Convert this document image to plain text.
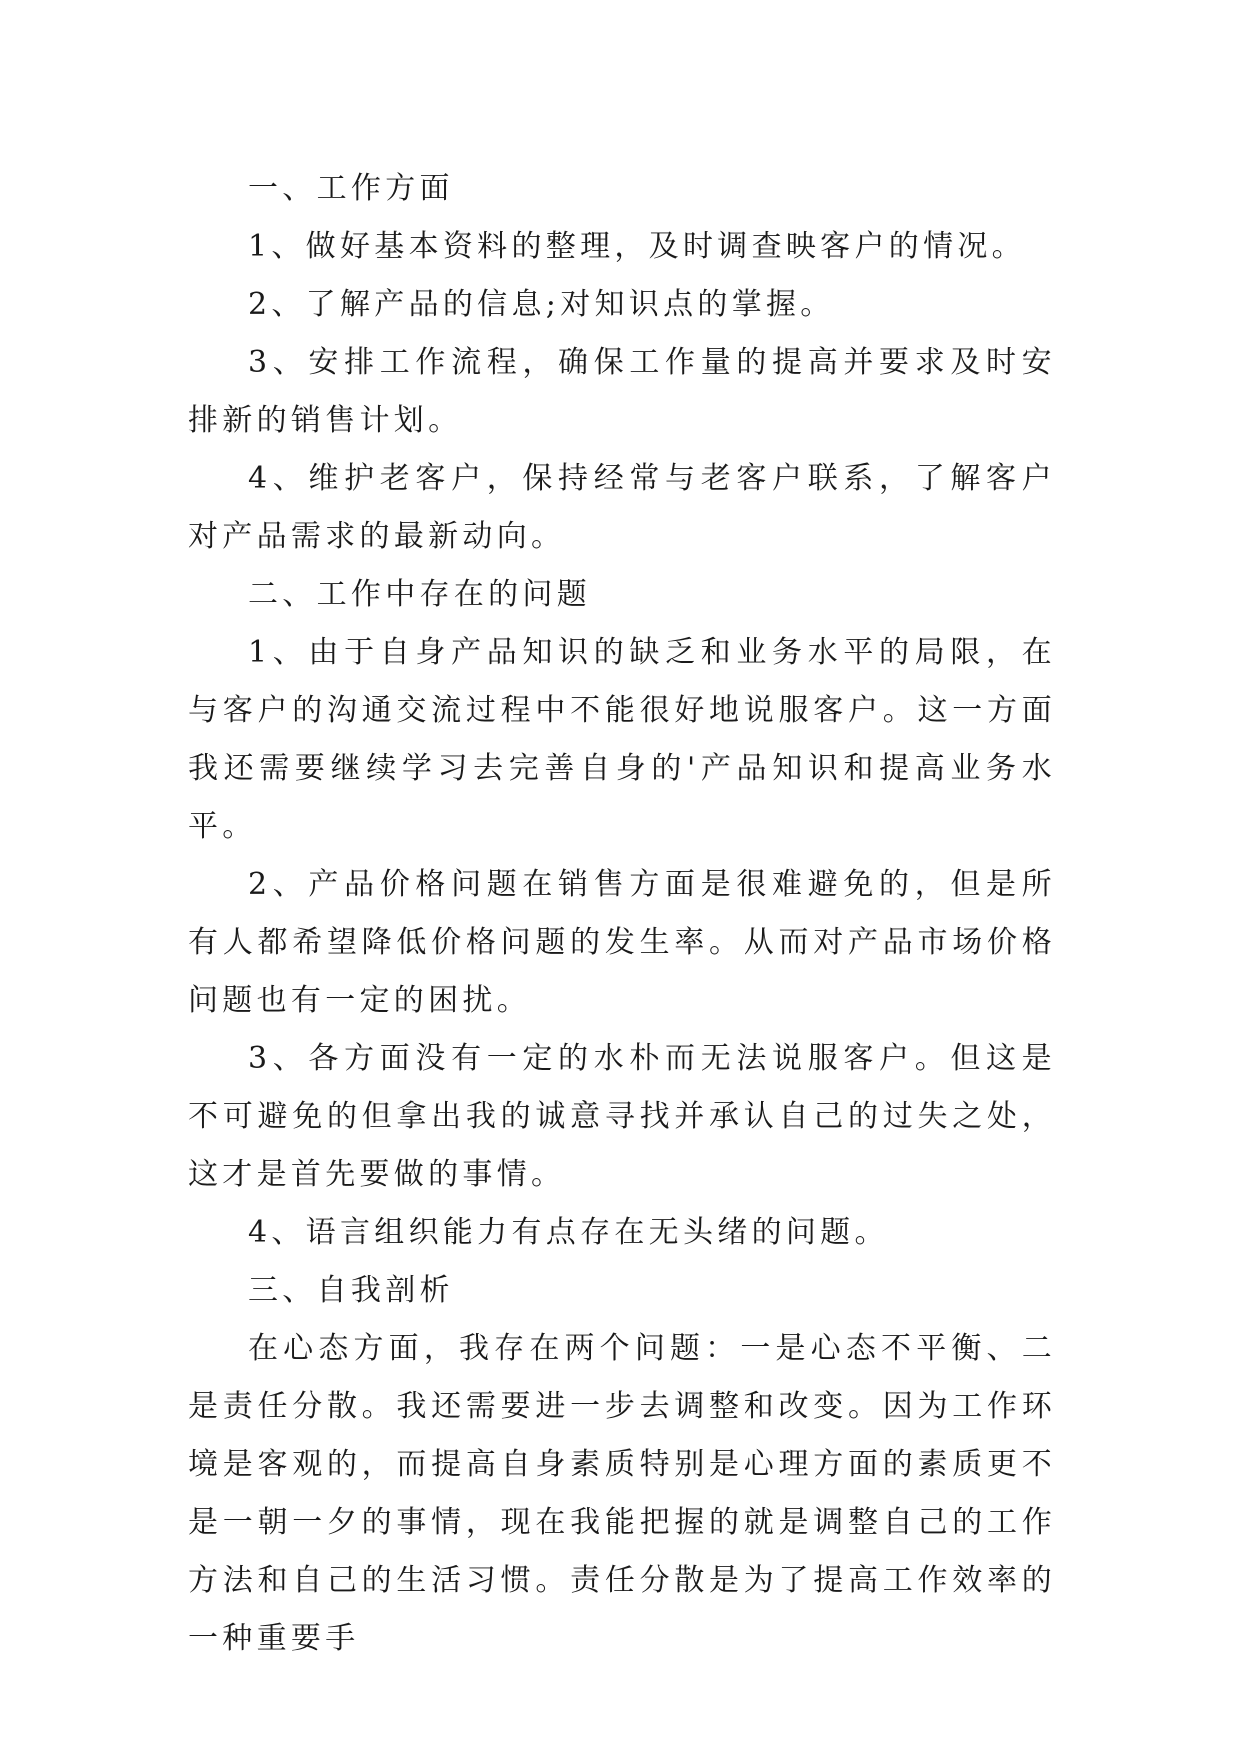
一、工作方面

1、做好基本资料的整理，及时调查映客户的情况。

2、了解产品的信息;对知识点的掌握。

3、安排工作流程，确保工作量的提高并要求及时安排新的销售计划。

4、维护老客户，保持经常与老客户联系，了解客户对产品需求的最新动向。

二、工作中存在的问题

1、由于自身产品知识的缺乏和业务水平的局限，在与客户的沟通交流过程中不能很好地说服客户。这一方面我还需要继续学习去完善自身的'产品知识和提高业务水平。

2、产品价格问题在销售方面是很难避免的，但是所有人都希望降低价格问题的发生率。从而对产品市场价格问题也有一定的困扰。

3、各方面没有一定的水朴而无法说服客户。但这是不可避免的但拿出我的诚意寻找并承认自己的过失之处，这才是首先要做的事情。

4、语言组织能力有点存在无头绪的问题。

三、自我剖析

在心态方面，我存在两个问题：一是心态不平衡、二是责任分散。我还需要进一步去调整和改变。因为工作环境是客观的，而提高自身素质特别是心理方面的素质更不是一朝一夕的事情，现在我能把握的就是调整自己的工作方法和自己的生活习惯。责任分散是为了提高工作效率的一种重要手
